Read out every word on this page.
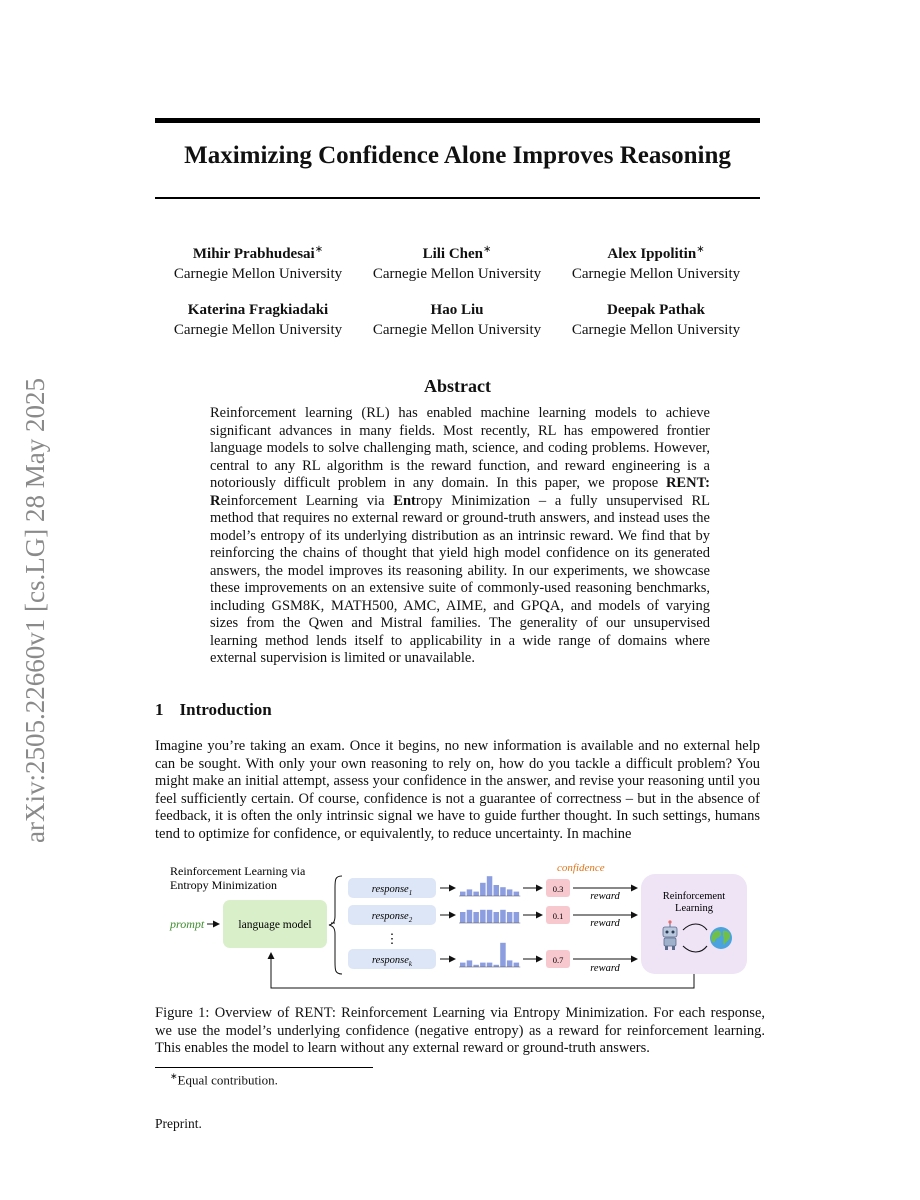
arXiv:2505.22660v1 [cs.LG] 28 May 2025
Maximizing Confidence Alone Improves Reasoning
Mihir Prabhudesai∗
Carnegie Mellon University
Lili Chen∗
Carnegie Mellon University
Alex Ippolitin∗
Carnegie Mellon University
Katerina Fragkiadaki
Carnegie Mellon University
Hao Liu
Carnegie Mellon University
Deepak Pathak
Carnegie Mellon University
Abstract

Reinforcement learning (RL) has enabled machine learning models to achieve significant advances in many fields. Most recently, RL has empowered frontier language models to solve challenging math, science, and coding problems. However, central to any RL algorithm is the reward function, and reward engineering is a notoriously difficult problem in any domain. In this paper, we propose RENT: Reinforcement Learning via Entropy Minimization – a fully unsupervised RL method that requires no external reward or ground-truth answers, and instead uses the model’s entropy of its underlying distribution as an intrinsic reward. We find that by reinforcing the chains of thought that yield high model confidence on its generated answers, the model improves its reasoning ability. In our experiments, we showcase these improvements on an extensive suite of commonly-used reasoning benchmarks, including GSM8K, MATH500, AMC, AIME, and GPQA, and models of varying sizes from the Qwen and Mistral families. The generality of our unsupervised learning method lends itself to applicability in a wide range of domains where external supervision is limited or unavailable.

1 Introduction

Imagine you’re taking an exam. Once it begins, no new information is available and no external help can be sought. With only your own reasoning to rely on, how do you tackle a difficult problem? You might make an initial attempt, assess your confidence in the answer, and revise your reasoning until you feel sufficiently certain. Of course, confidence is not a guarantee of correctness – but in the absence of feedback, it is often the only intrinsic signal we have to guide further thought. In such settings, humans tend to optimize for confidence, or equivalently, to reduce uncertainty. In machine

Reinforcement Learning via
Entropy Minimization
prompt	language model
response$_1$
response$_2$
⋮
response$_k$
confidence
0.3
0.1
0.7
reward
reward
reward
Reinforcement
Learning

Figure 1: Overview of RENT: Reinforcement Learning via Entropy Minimization. For each response, we use the model’s underlying confidence (negative entropy) as a reward for reinforcement learning. This enables the model to learn without any external reward or ground-truth answers.

∗Equal contribution.
Preprint.
